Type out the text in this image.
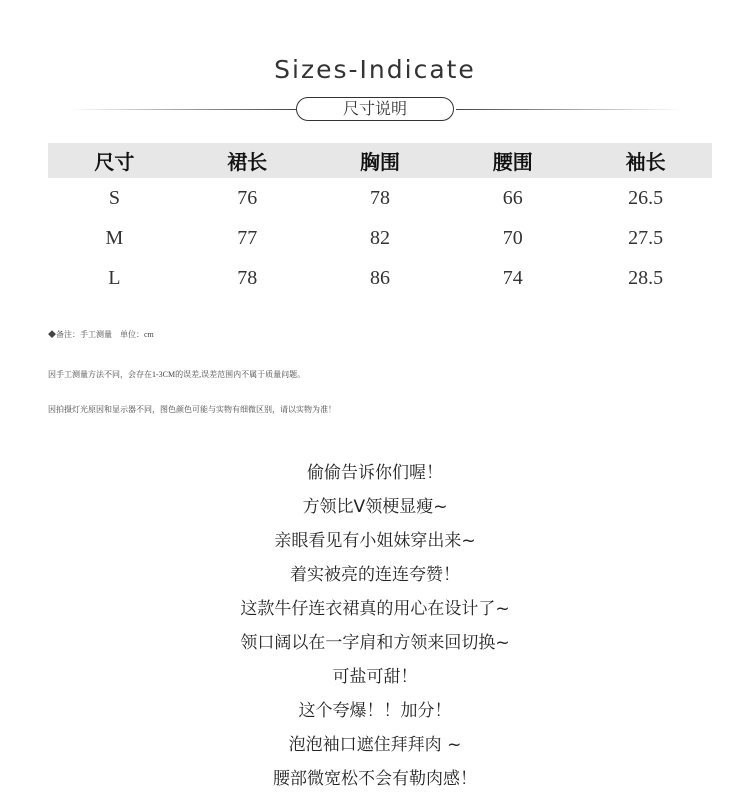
Sizes-Indicate
尺寸说明
尺寸	裙长	胸围	腰围	袖长
S	76	78	66	26.5
M	77	82	70	27.5
L	78	86	74	28.5
◆备注：手工测量　单位：cm
因手工测量方法不同，会存在1-3CM的误差,误差范围内不属于质量问题。
因拍摄灯光原因和显示器不同，图色颜色可能与实物有细微区别，请以实物为准！
偷偷告诉你们喔！
方领比V领梗显瘦~
亲眼看见有小姐妹穿出来~
着实被亮的连连夸赞！
这款牛仔连衣裙真的用心在设计了~
领口阔以在一字肩和方领来回切换~
可盐可甜！
这个夸爆！！加分！
泡泡袖口遮住拜拜肉 ~
腰部微宽松不会有勒肉感！
